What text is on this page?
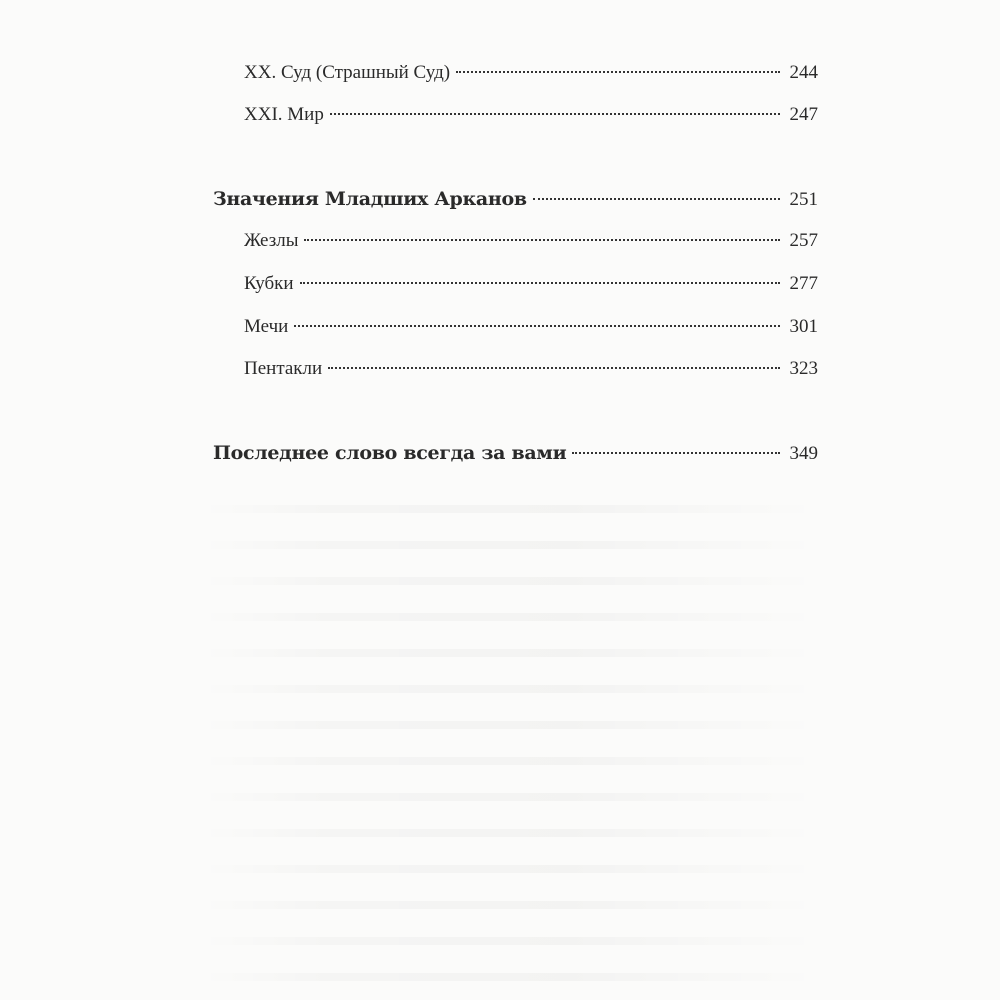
XX. Суд (Страшный Суд)	244
XXI. Мир	247
Значения Младших Арканов	251
Жезлы	257
Кубки	277
Мечи	301
Пентакли	323
Последнее слово всегда за вами	349
